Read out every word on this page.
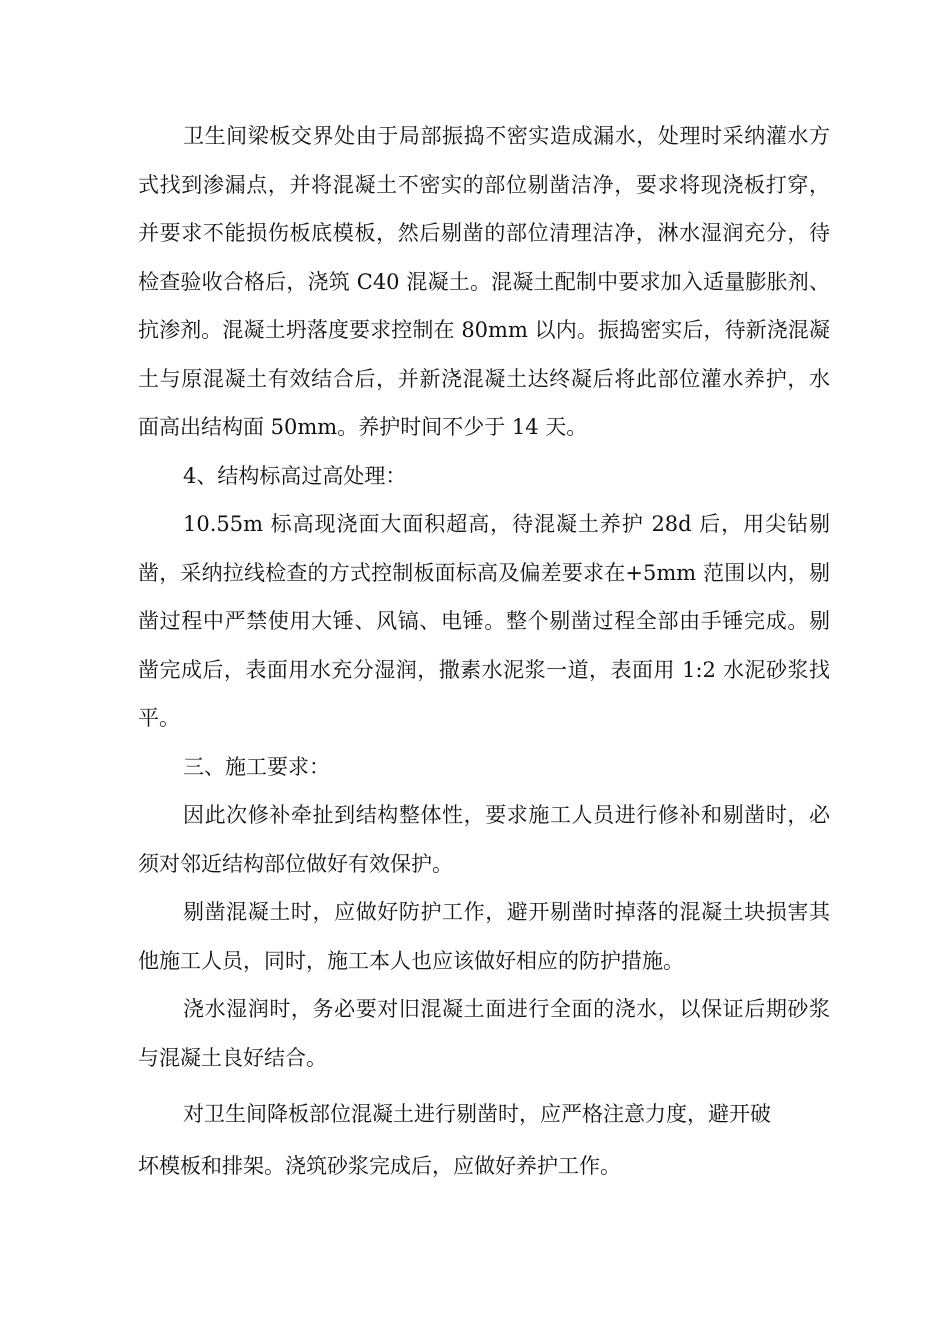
卫生间梁板交界处由于局部振捣不密实造成漏水，处理时采纳灌水方式找到渗漏点，并将混凝土不密实的部位剔凿洁净，要求将现浇板打穿，并要求不能损伤板底模板，然后剔凿的部位清理洁净，淋水湿润充分，待检查验收合格后，浇筑 C40 混凝土。混凝土配制中要求加入适量膨胀剂、抗渗剂。混凝土坍落度要求控制在 80mm 以内。振捣密实后，待新浇混凝土与原混凝土有效结合后，并新浇混凝土达终凝后将此部位灌水养护，水面高出结构面 50mm。养护时间不少于 14 天。

4、结构标高过高处理：

10.55m 标高现浇面大面积超高，待混凝土养护 28d 后，用尖钻剔凿，采纳拉线检查的方式控制板面标高及偏差要求在+5mm 范围以内，剔凿过程中严禁使用大锤、风镐、电锤。整个剔凿过程全部由手锤完成。剔凿完成后，表面用水充分湿润，撒素水泥浆一道，表面用 1:2 水泥砂浆找平。

三、施工要求：

因此次修补牵扯到结构整体性，要求施工人员进行修补和剔凿时，必须对邻近结构部位做好有效保护。

剔凿混凝土时，应做好防护工作，避开剔凿时掉落的混凝土块损害其他施工人员，同时，施工本人也应该做好相应的防护措施。

浇水湿润时，务必要对旧混凝土面进行全面的浇水，以保证后期砂浆与混凝土良好结合。

对卫生间降板部位混凝土进行剔凿时，应严格注意力度，避开破

坏模板和排架。浇筑砂浆完成后，应做好养护工作。
